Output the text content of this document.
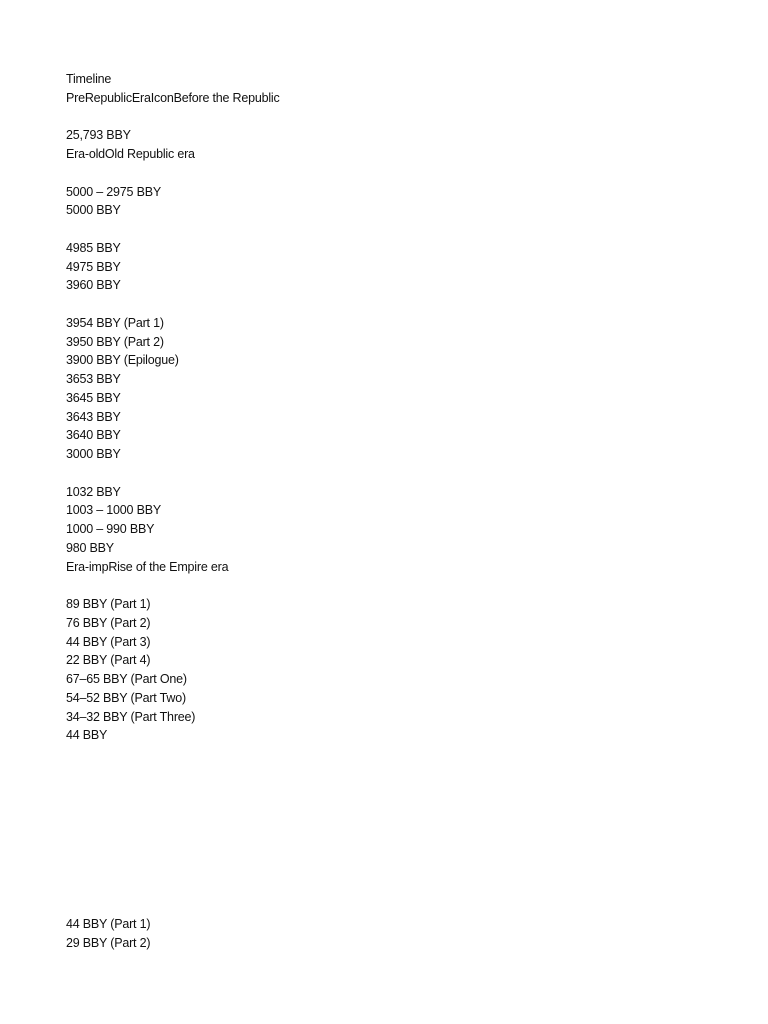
Timeline
PreRepublicEraIconBefore the Republic
25,793 BBY
Era-oldOld Republic era
5000 – 2975 BBY
5000 BBY
4985 BBY
4975 BBY
3960 BBY
3954 BBY (Part 1)
3950 BBY (Part 2)
3900 BBY (Epilogue)
3653 BBY
3645 BBY
3643 BBY
3640 BBY
3000 BBY
1032 BBY
1003 – 1000 BBY
1000 – 990 BBY
980 BBY
Era-impRise of the Empire era
89 BBY (Part 1)
76 BBY (Part 2)
44 BBY (Part 3)
22 BBY (Part 4)
67–65 BBY (Part One)
54–52 BBY (Part Two)
34–32 BBY (Part Three)
44 BBY
44 BBY (Part 1)
29 BBY (Part 2)
